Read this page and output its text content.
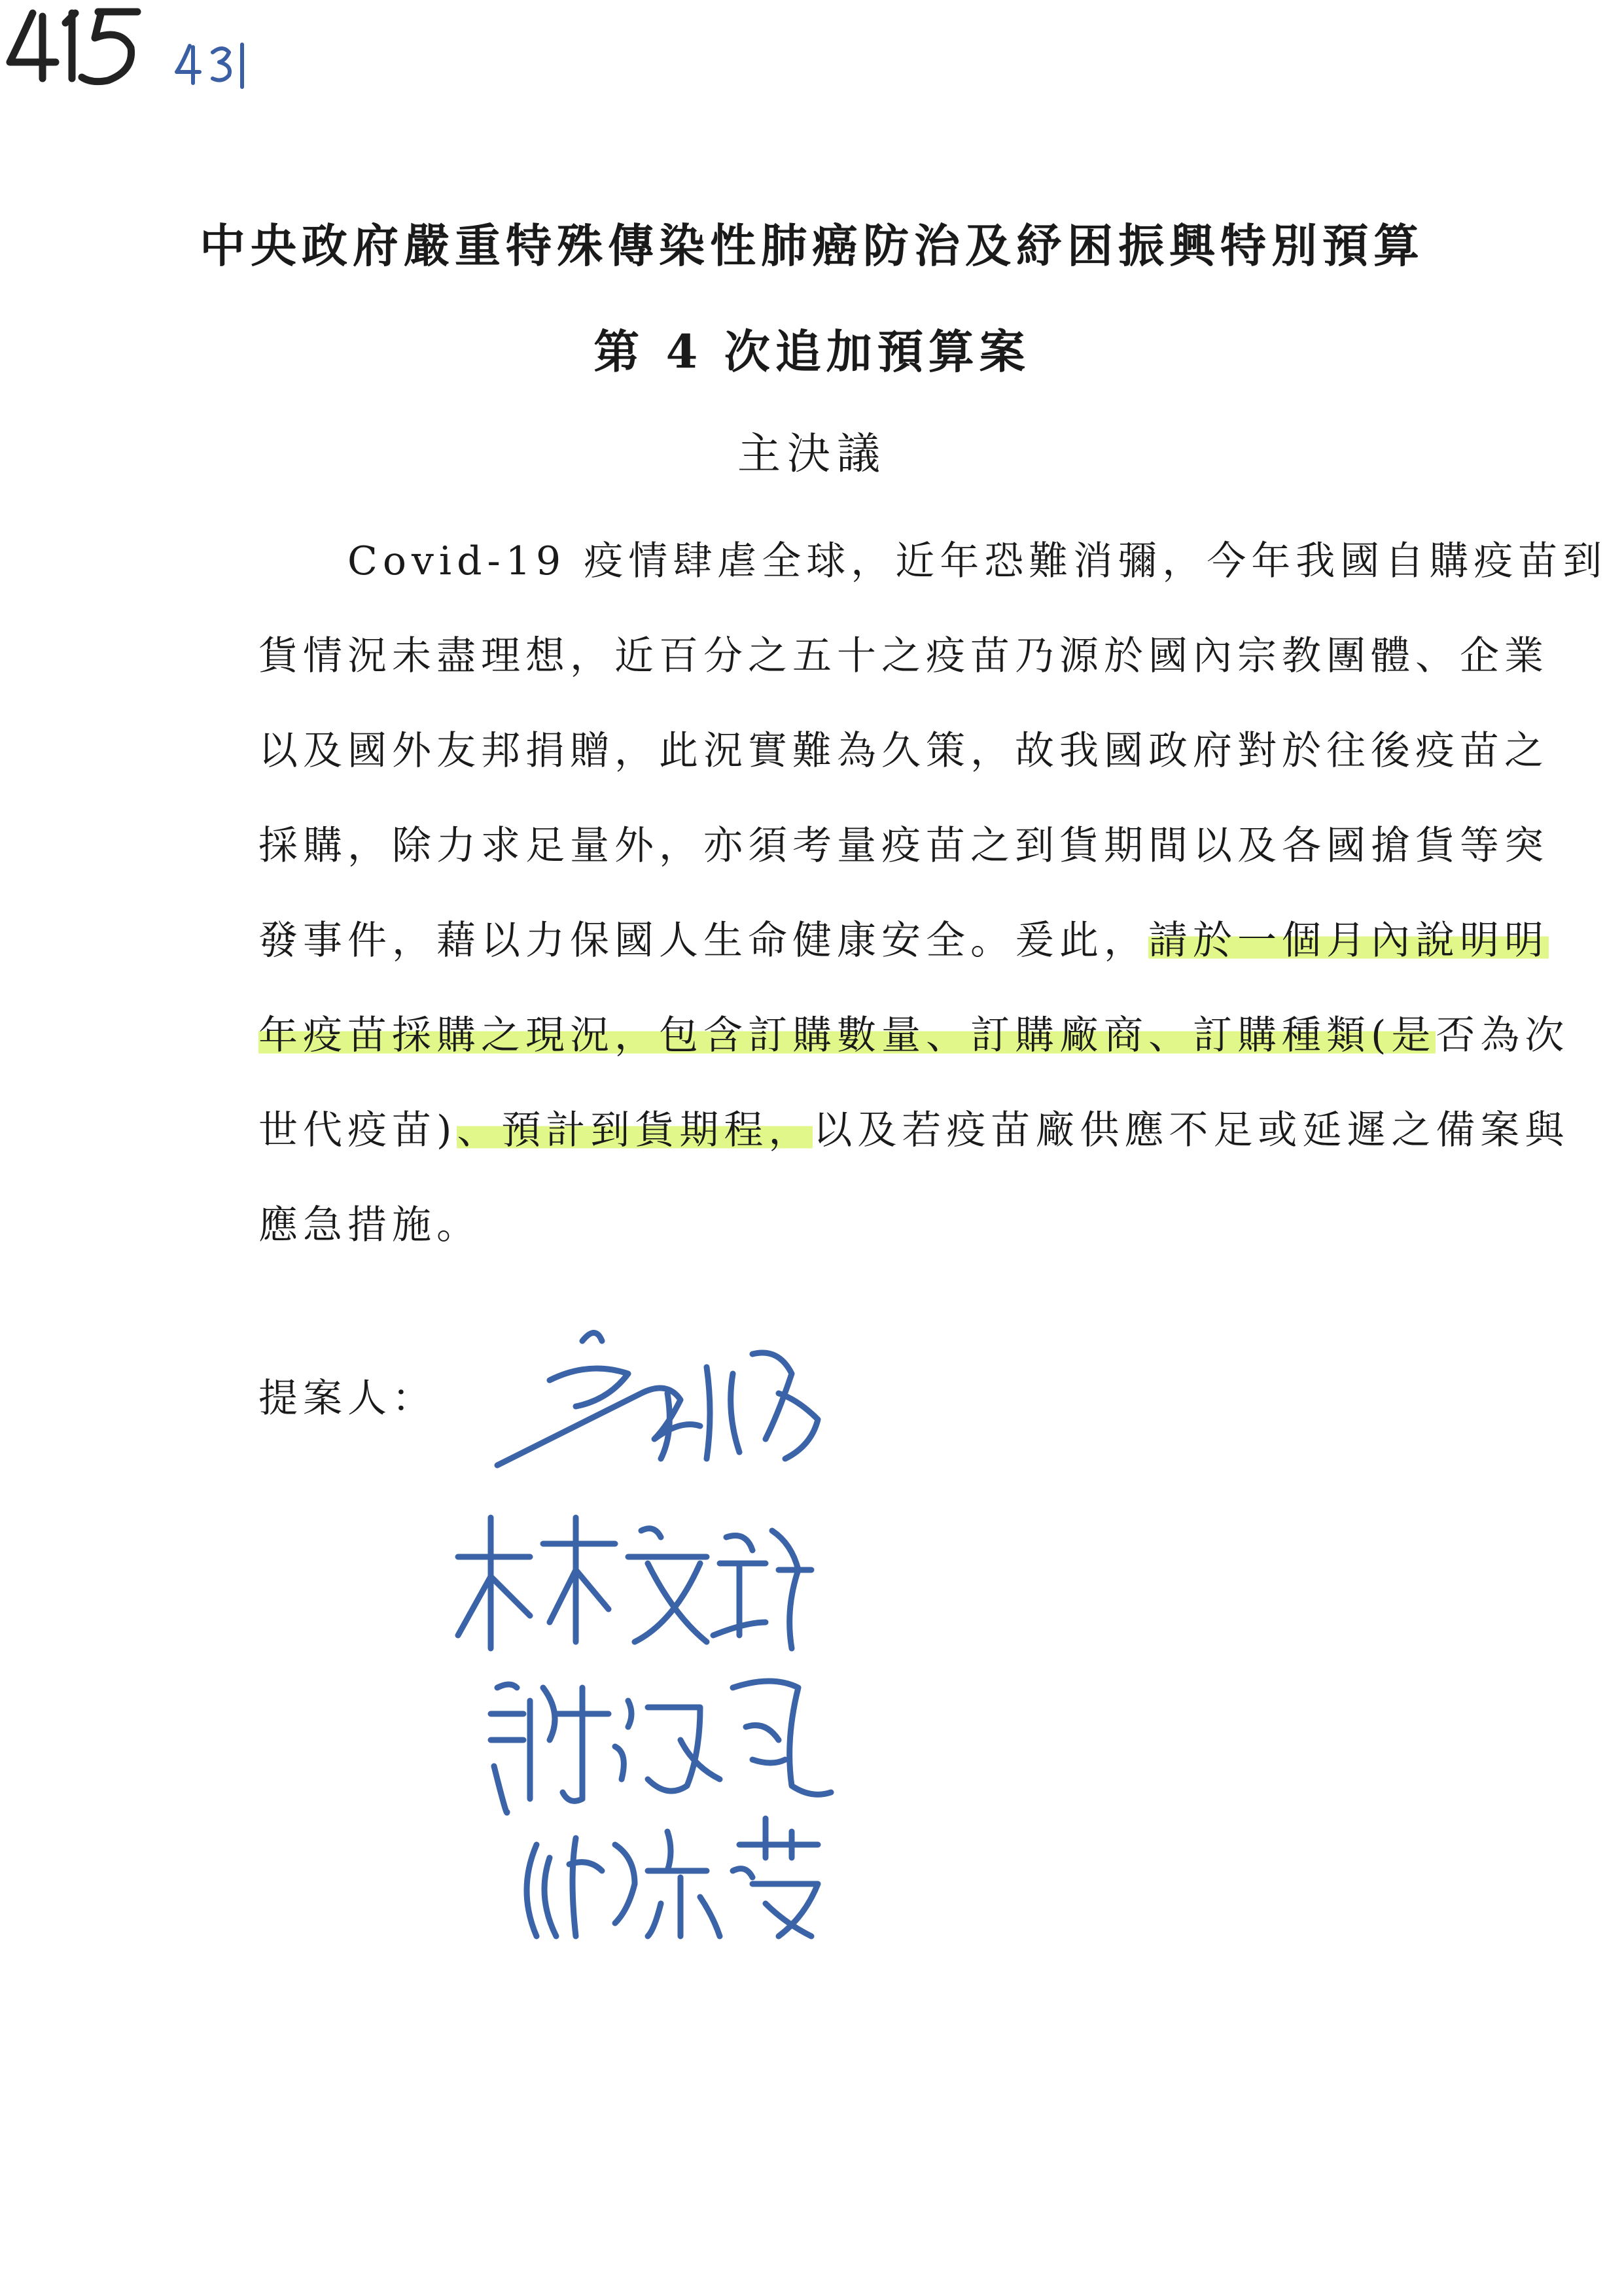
中央政府嚴重特殊傳染性肺癌防治及紓困振興特別預算
第 4 次追加預算案
主決議
　　Covid-19 疫情肆虐全球，近年恐難消彌，今年我國自購疫苗到
貨情況未盡理想，近百分之五十之疫苗乃源於國內宗教團體、企業
以及國外友邦捐贈，此況實難為久策，故我國政府對於往後疫苗之
採購，除力求足量外，亦須考量疫苗之到貨期間以及各國搶貨等突
發事件，藉以力保國人生命健康安全。爰此，請於一個月內說明明
年疫苗採購之現況，包含訂購數量、訂購廠商、訂購種類(是否為次
世代疫苗)、預計到貨期程，以及若疫苗廠供應不足或延遲之備案與
應急措施。
提案人：
